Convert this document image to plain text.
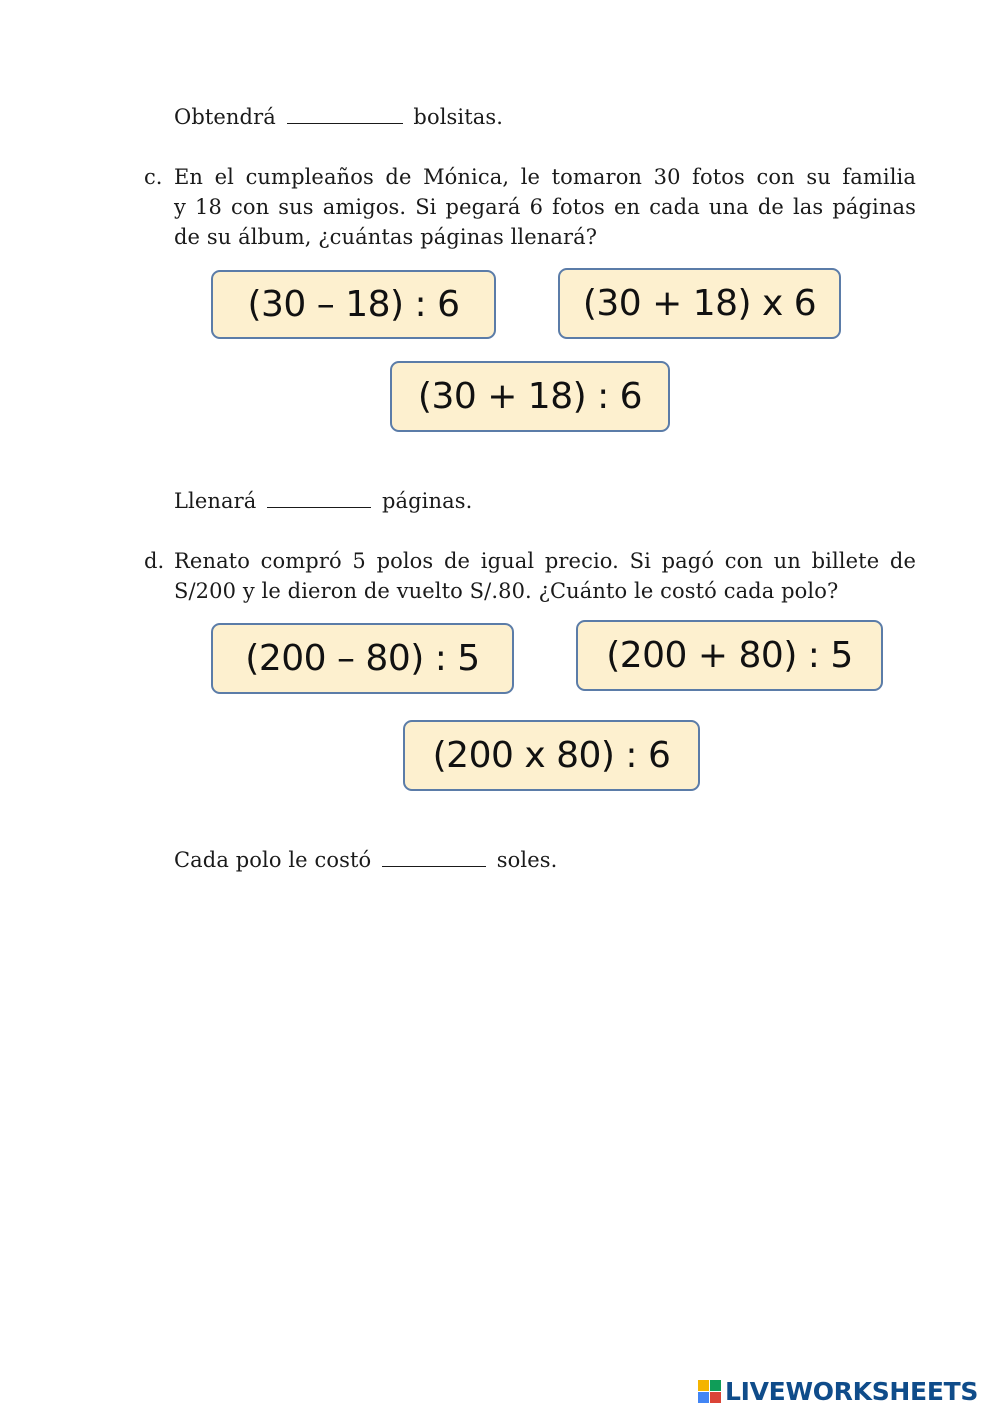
Obtendrá	bolsitas.
c. En el cumpleaños de Mónica, le tomaron 30 fotos con su familia
y 18 con sus amigos. Si pegará 6 fotos en cada una de las páginas
de su álbum, ¿cuántas páginas llenará?
(30 – 18) : 6	(30 + 18) x 6
(30 + 18) : 6
Llenará	páginas.
d. Renato compró 5 polos de igual precio. Si pagó con un billete de
S/200 y le dieron de vuelto S/.80. ¿Cuánto le costó cada polo?
(200 – 80) : 5	(200 + 80) : 5
(200 x 80) : 6
Cada polo le costó	soles.
LIVEWORKSHEETS
